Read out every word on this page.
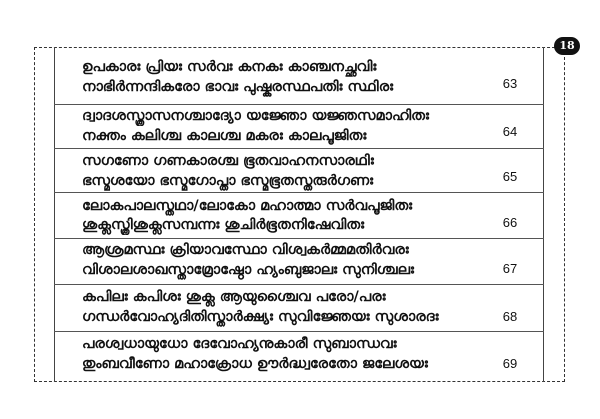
18
ഉപകാരഃ പ്രിയഃ സർവഃ കനകഃ കാഞ്ചനച്ഛവിഃ
നാഭിർന്നന്ദികരോ ഭാവഃ പുഷ്കരസ്ഥപതിഃ സ്ഥിരഃ	63
ദ്വാദശസ്ത്രാസനശ്ചാദ്യോ യജ്ഞോ യജ്ഞസമാഹിതഃ
നക്തം കലിശ്ച കാലശ്ച മകരഃ കാലപൂജിതഃ	64
സഗണോ ഗണകാരശ്ച ഭൂതവാഹനസാരഥിഃ
ഭസ്മശയോ ഭസ്മഗോപ്താ ഭസ്മഭൂതസ്തരുർഗണഃ	65
ലോകപാലസ്തഥാ/ലോകോ മഹാത്മാ സർവപൂജിതഃ
ശുക്ലസ്ത്രിശുക്ലസമ്പന്നഃ ശുചിർഭൂതനിഷേവിതഃ	66
ആശ്രമസ്ഥഃ ക്രിയാവസ്ഥോ വിശ്വകർമ്മമതിർവരഃ
വിശാലശാഖസ്താമ്രോഷ്ഠോ ഹ്യംബുജാലഃ സുനിശ്ചലഃ	67
കപിലഃ കപിശഃ ശുക്ല ആയുശ്ചൈവ പരോ/പരഃ
ഗന്ധർവോഹ്യദിതിസ്താർക്ഷ്യഃ സുവിജ്ഞേയഃ സുശാരദഃ	68
പരശ്വധായുധോ ദേവോഹ്യനുകാരീ സുബാന്ധവഃ
തുംബവീണോ മഹാക്രോധ ഊർദ്ധ്വരേതോ ജലേശയഃ	69
